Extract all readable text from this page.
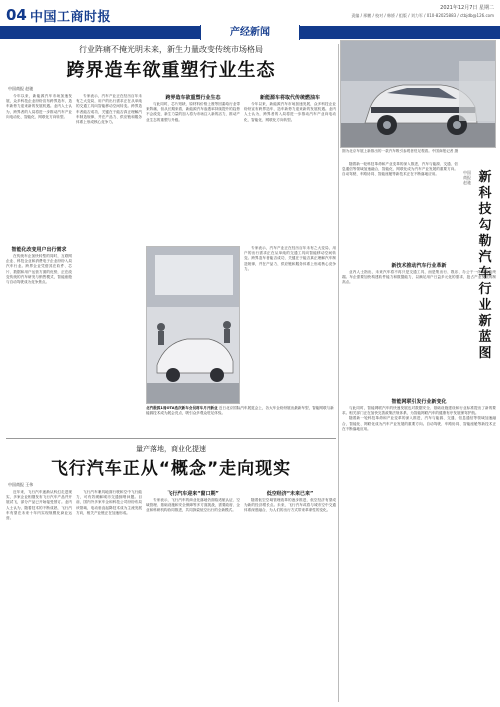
04 中国工商时报
2021年12月7日 星期二
责编 / 邢鹏 / 校对 / 韩娇 / 组版 / 刘力军 / 010-82025883 / ctbjdb@126.com
产经新闻
行业阵痛不掩光明未来，新生力量改变传统市场格局
跨界造车欲重塑行业生态
中国商报 赵驰

今年以来，新能源汽车市场加速发展，众多科技企业纷纷宣布跨界造车，造车新势力迎来新的发展机遇。业内人士认为，跨界者的入局将进一步推动汽车产业向电动化、智能化、网联化方向转型。

智能化改变用户出行需求

在传统车企加快转型的同时，互联网企业、科技企业和消费电子企业纷纷入局汽车行业。跨界企业凭借其在软件、芯片、数据和用户运营方面的优势，正在改变传统的汽车研发与销售模式，智能座舱与自动驾驶成为竞争焦点。

专家表示，汽车产业正在经历百年未有之大变局，用户的出行需求正在从单纯的交通工具向智能移动空间转变。跨界造车者能否成功，关键在于能否真正理解汽车制造规律，并在产品力、供应链和服务体系上形成核心竞争力。

跨界造车欲重塑行业生态

与此同时，芯片短缺、原材料价格上涨等因素给行业带来阵痛，但从长期来看，新能源汽车渗透率持续提升的趋势不会改变，新生力量的加入将为市场注入新的活力，推动产业生态的重塑与升级。

新能源车将取代传统燃油车

今年以来，新能源汽车市场加速发展，众多科技企业纷纷宣布跨界造车，造车新势力迎来新的发展机遇。业内人士认为，跨界者的入局将进一步推动汽车产业向电动化、智能化、网联化方向转型。

图为北京车展上新推出的一款汽车吸引参观者驻足观看。中国商报记者 摄
北汽极狐1周OTA迭次新车会员将车月开新业 近日北京国际汽车展览会上，各大车企纷纷展出最新车型，智能网联与新能源技术成为展会亮点，吸引众多观众驻足体验。

专家表示，汽车产业正在经历百年未有之大变局，用户的出行需求正在从单纯的交通工具向智能移动空间转变。跨界造车者能否成功，关键在于能否真正理解汽车制造规律，并在产品力、供应链和服务体系上形成核心竞争力。

新科技勾勒汽车行业新蓝图
中国商报 赵驰

随着新一轮科技革命和产业变革的深入推进，汽车与能源、交通、信息通信等领域加速融合，智能化、网联化成为汽车产业发展的重要方向。自动驾驶、车路协同、智能座舱等新技术正在不断落地应用。

新技术推动汽车行业革新

业内人士指出，未来汽车将不再只是交通工具，而是集出行、娱乐、办公于一体的智能终端。车企需要加快构建软件能力和数据能力，以满足用户日益多元化的需求，抢占产业发展的制高点。

智能网联引发行业新变化

与此同时，智能网联汽车的快速发展也对数据安全、基础设施建设和行业标准提出了新的要求。相关部门正在加快完善政策法规体系，为智能网联汽车的健康有序发展保驾护航。

随着新一轮科技革命和产业变革的深入推进，汽车与能源、交通、信息通信等领域加速融合，智能化、网联化成为汽车产业发展的重要方向。自动驾驶、车路协同、智能座舱等新技术正在不断落地应用。

量产落地，商业化提速
飞行汽车正从“概念”走向现实
中国商报 王伟

近年来，飞行汽车逐渐从科幻走进现实，多家企业相继发布飞行汽车产品并开展试飞，部分产品已开始接受预订。业内人士认为，随着技术的不断成熟，飞行汽车有望在未来十年内实现规模化商业运营。

飞行汽车兼具地面行驶和空中飞行能力，可有效缓解城市交通拥堵问题。目前，国内外多家车企和科技公司纷纷布局该领域，电动垂直起降技术成为主流发展方向，相关产业链正在加速形成。

飞行汽车迎来“窗口期”

专家表示，飞行汽车的商业化落地仍面临适航认证、空域管理、基础设施和安全保障等多方面挑战，需要政府、企业和科研机构协同推进，共同探索低空出行的全新模式。

低空经济“未来已来”

随着低空空域管理改革的逐步推进，低空经济有望成为新的经济增长点。未来，飞行汽车或将与城市空中交通体系深度融合，为人们的出行方式带来革命性的变化。
